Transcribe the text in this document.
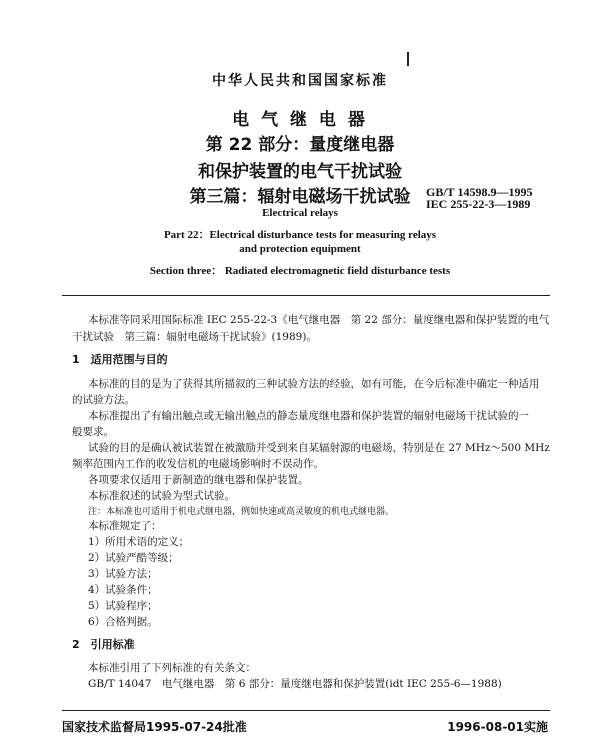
中华人民共和国国家标准
电 气 继 电 器
第 22 部分：量度继电器
和保护装置的电气干扰试验
第三篇：辐射电磁场干扰试验	GB/T 14598.9—1995
IEC 255-22-3—1989
Electrical relays
Part 22：Electrical disturbance tests for measuring relays
and protection equipment
Section three： Radiated electromagnetic field disturbance tests
本标准等同采用国际标准 IEC 255-22-3《电气继电器　第 22 部分：量度继电器和保护装置的电气
干扰试验　第三篇：辐射电磁场干扰试验》(1989)。
1　适用范围与目的
本标准的目的是为了获得其所描叙的三种试验方法的经验，如有可能，在今后标准中确定一种适用
的试验方法。
本标准提出了有输出触点或无输出触点的静态量度继电器和保护装置的辐射电磁场干扰试验的一
般要求。
试验的目的是确认被试装置在被激励并受到来自某辐射源的电磁场，特别是在 27 MHz～500 MHz
频率范围内工作的收发信机的电磁场影响时不误动作。
各项要求仅适用于新制造的继电器和保护装置。
本标准叙述的试验为型式试验。
注：本标准也可适用于机电式继电器，例如快速或高灵敏度的机电式继电器。
本标准规定了：
1）所用术语的定义；
2）试验严酷等级；
3）试验方法；
4）试验条件；
5）试验程序；
6）合格判据。
2　引用标准
本标准引用了下列标准的有关条文：
GB/T 14047　电气继电器　第 6 部分：量度继电器和保护装置(idt IEC 255-6—1988)
国家技术监督局1995-07-24批准	1996-08-01实施
